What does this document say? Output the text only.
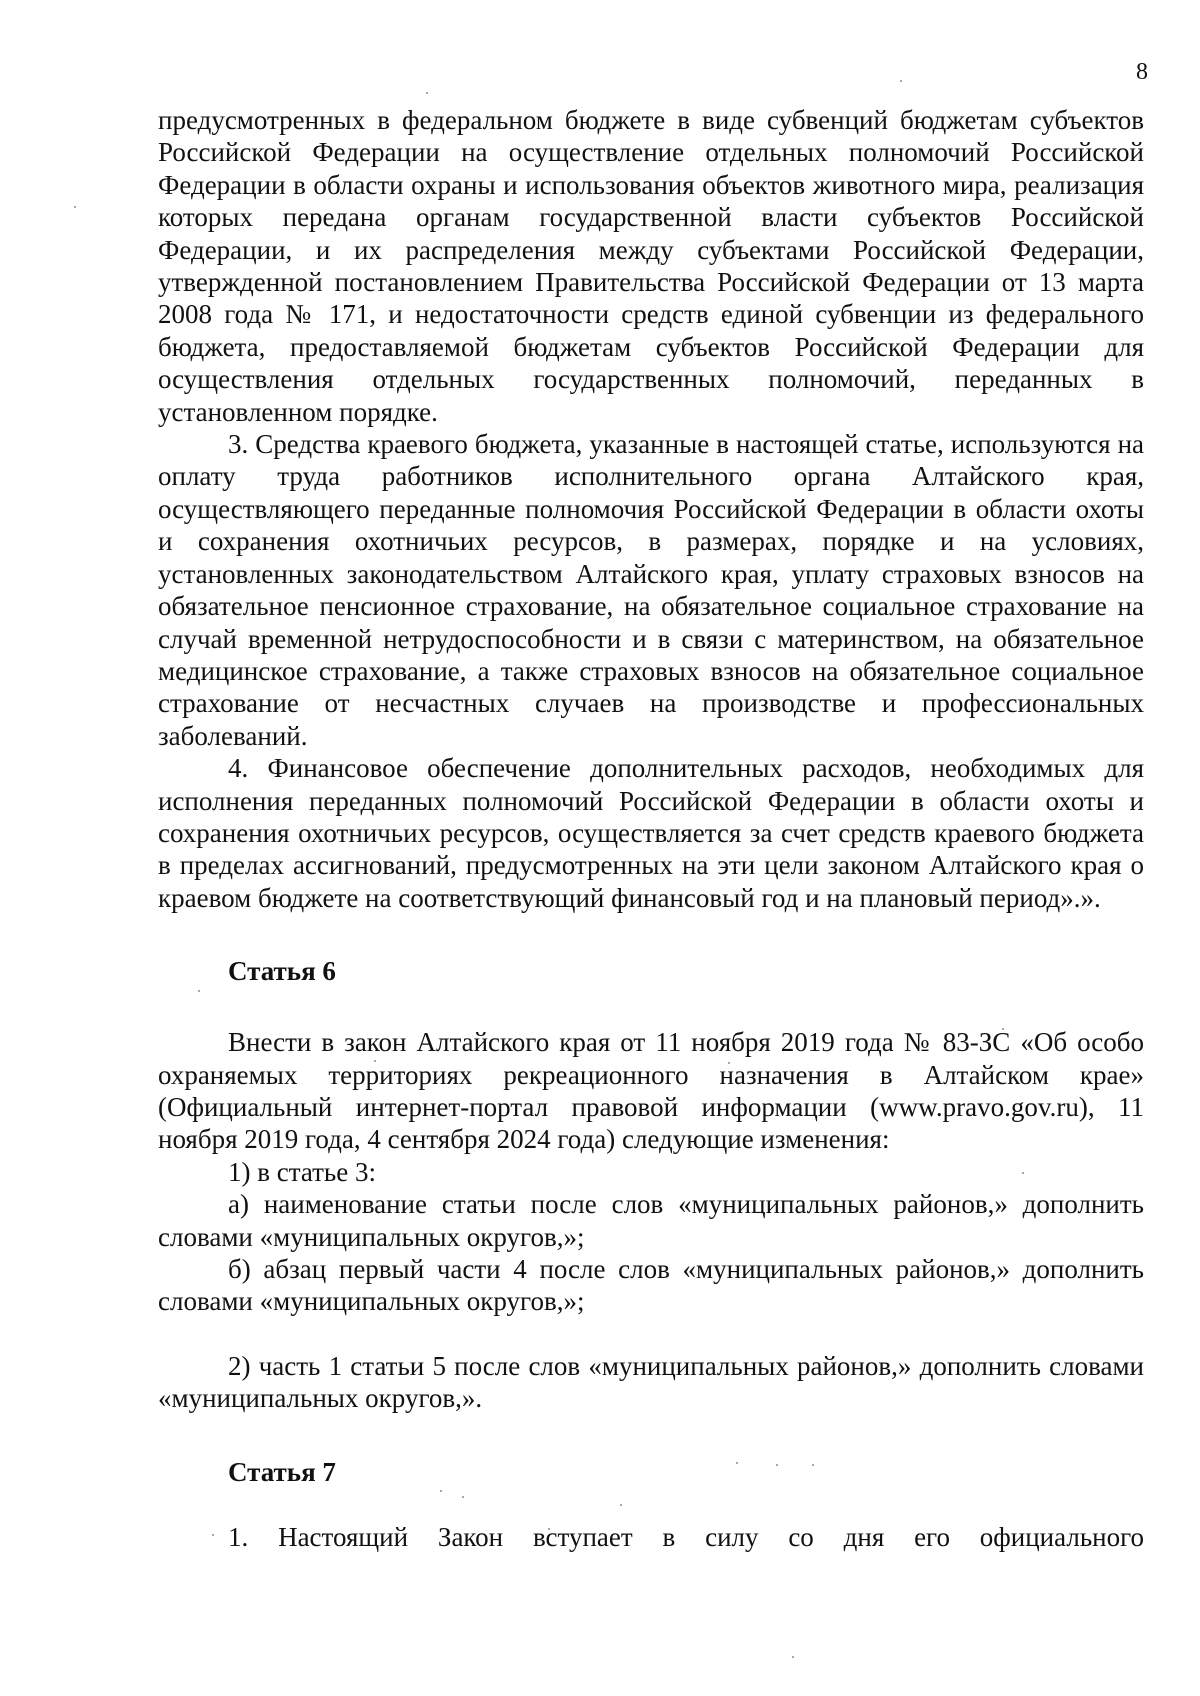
8

предусмотренных в федеральном бюджете в виде субвенций бюджетам субъектов Российской Федерации на осуществление отдельных полномочий Российской Федерации в области охраны и использования объектов животного мира, реализация которых передана органам государственной власти субъектов Российской Федерации, и их распределения между субъектами Российской Федерации, утвержденной постановлением Правительства Российской Федерации от 13 марта 2008 года № 171, и недостаточности средств единой субвенции из федерального бюджета, предоставляемой бюджетам субъектов Российской Федерации для осуществления отдельных государственных полномочий, переданных в установленном порядке.

3. Средства краевого бюджета, указанные в настоящей статье, используются на оплату труда работников исполнительного органа Алтайского края, осуществляющего переданные полномочия Российской Федерации в области охоты и сохранения охотничьих ресурсов, в размерах, порядке и на условиях, установленных законодательством Алтайского края, уплату страховых взносов на обязательное пенсионное страхование, на обязательное социальное страхование на случай временной нетрудоспособности и в связи с материнством, на обязательное медицинское страхование, а также страховых взносов на обязательное социальное страхование от несчастных случаев на производстве и профессиональных заболеваний.

4. Финансовое обеспечение дополнительных расходов, необходимых для исполнения переданных полномочий Российской Федерации в области охоты и сохранения охотничьих ресурсов, осуществляется за счет средств краевого бюджета в пределах ассигнований, предусмотренных на эти цели законом Алтайского края о краевом бюджете на соответствующий финансовый год и на плановый период».».

Статья 6

Внести в закон Алтайского края от 11 ноября 2019 года № 83-ЗС «Об особо охраняемых территориях рекреационного назначения в Алтайском крае» (Официальный интернет-портал правовой информации (www.pravo.gov.ru), 11 ноября 2019 года, 4 сентября 2024 года) следующие изменения:

1) в статье 3:

а) наименование статьи после слов «муниципальных районов,» дополнить словами «муниципальных округов,»;

б) абзац первый части 4 после слов «муниципальных районов,» дополнить словами «муниципальных округов,»;

2) часть 1 статьи 5 после слов «муниципальных районов,» дополнить словами «муниципальных округов,».

Статья 7

1. Настоящий Закон вступает в силу со дня его официального
